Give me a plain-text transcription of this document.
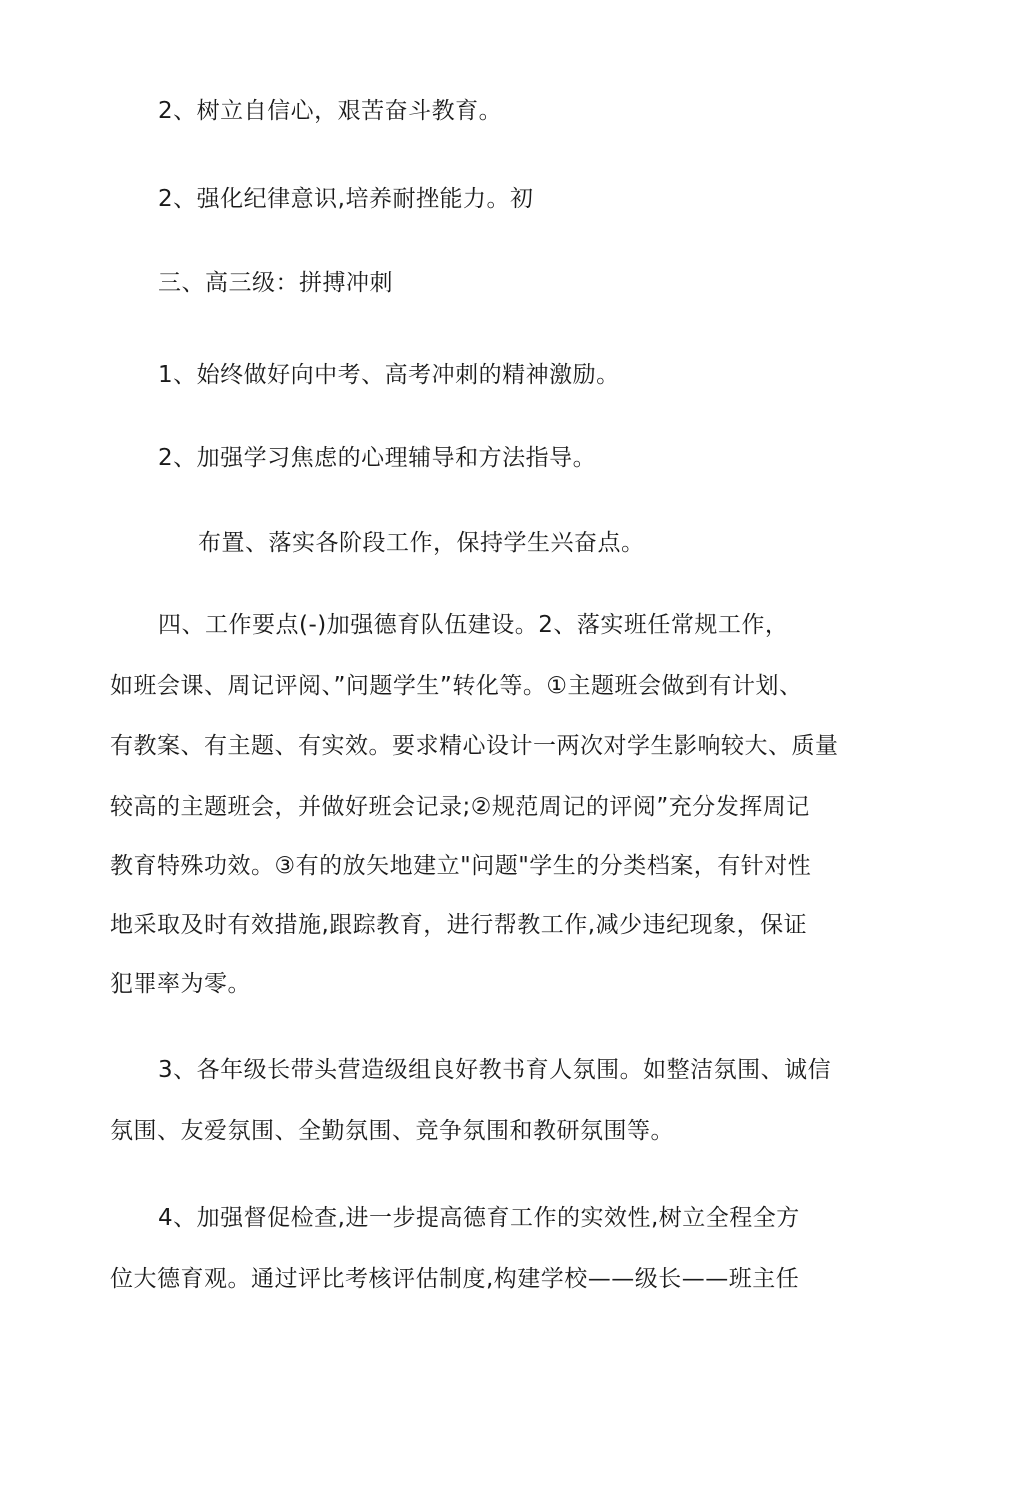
2、树立自信心，艰苦奋斗教育。
2、强化纪律意识,培养耐挫能力。初
三、高三级：拼搏冲刺
1、始终做好向中考、高考冲刺的精神激励。
2、加强学习焦虑的心理辅导和方法指导。
布置、落实各阶段工作，保持学生兴奋点。
四、工作要点(-)加强德育队伍建设。2、落实班任常规工作，
如班会课、周记评阅、”问题学生”转化等。①主题班会做到有计划、
有教案、有主题、有实效。要求精心设计一两次对学生影响较大、质量
较高的主题班会，并做好班会记录;②规范周记的评阅”充分发挥周记
教育特殊功效。③有的放矢地建立"问题"学生的分类档案，有针对性
地采取及时有效措施,跟踪教育，进行帮教工作,减少违纪现象，保证
犯罪率为零。
3、各年级长带头营造级组良好教书育人氛围。如整洁氛围、诚信
氛围、友爱氛围、全勤氛围、竞争氛围和教研氛围等。
4、加强督促检查,进一步提高德育工作的实效性,树立全程全方
位大德育观。通过评比考核评估制度,构建学校——级长——班主任
